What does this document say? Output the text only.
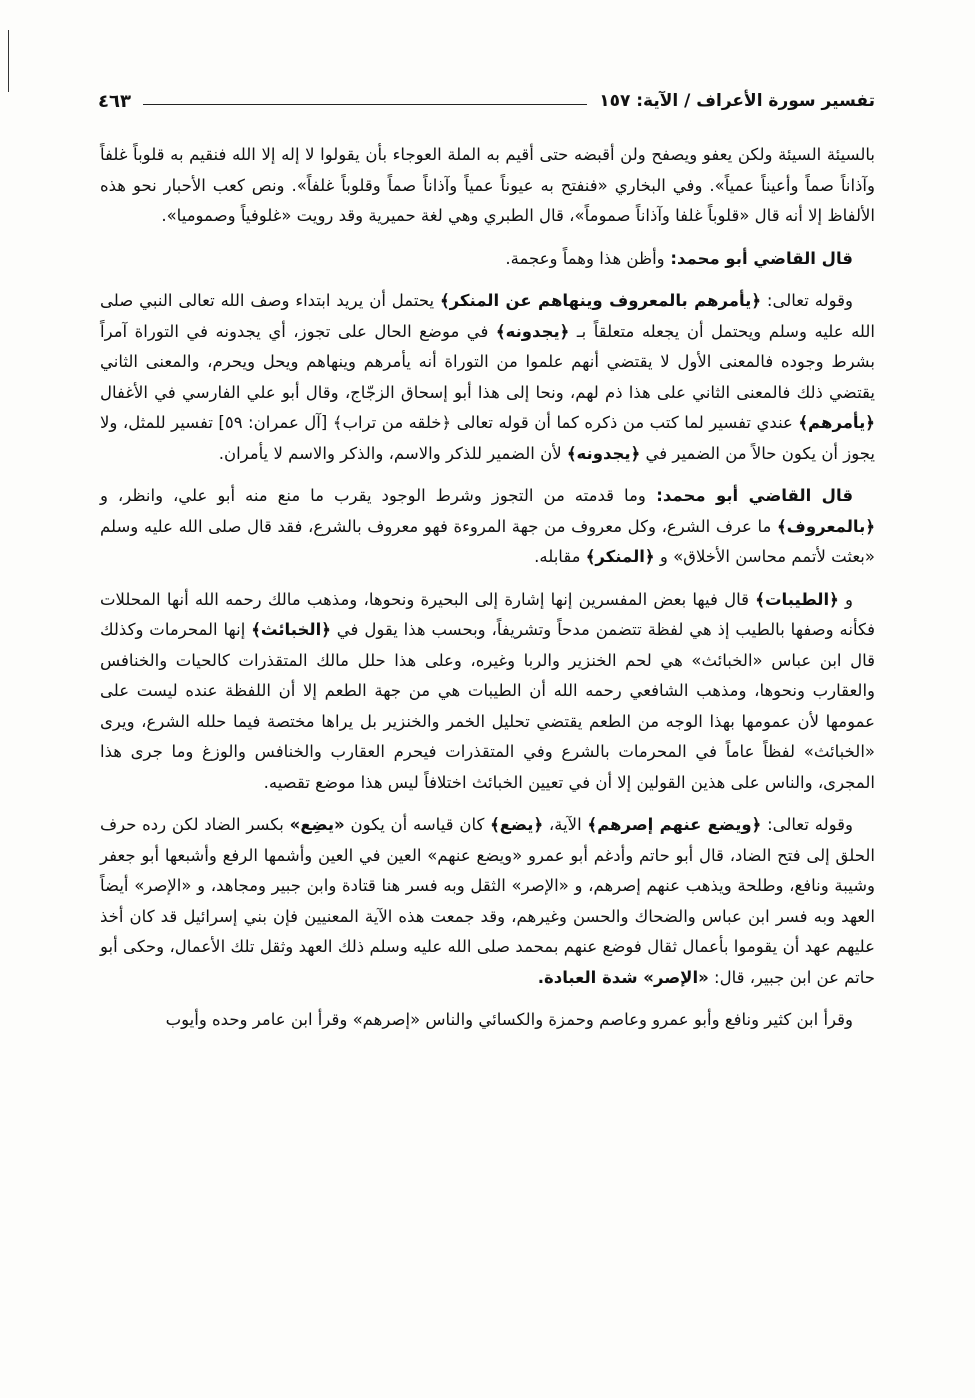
تفسير سورة الأعراف / الآية: ١٥٧
٤٦٣

بالسيئة السيئة ولكن يعفو ويصفح ولن أقبضه حتى أقيم به الملة العوجاء بأن يقولوا لا إله إلا الله فنقيم به قلوباً غلفاً وآذاناً صماً وأعيناً عمياً». وفي البخاري «فنفتح به عيوناً عمياً وآذاناً صماً وقلوباً غلفاً». ونص كعب الأحبار نحو هذه الألفاظ إلا أنه قال «قلوباً غلفا وآذاناً صموماً»، قال الطبري وهي لغة حميرية وقد رويت «غلوفياً وصموميا».

قال القاضي أبو محمد: وأظن هذا وهماً وعجمة.

وقوله تعالى: ﴿يأمرهم بالمعروف وينهاهم عن المنكر﴾ يحتمل أن يريد ابتداء وصف الله تعالى النبي صلى الله عليه وسلم ويحتمل أن يجعله متعلقاً بـ ﴿يجدونه﴾ في موضع الحال على تجوز، أي يجدونه في التوراة آمراً بشرط وجوده فالمعنى الأول لا يقتضي أنهم علموا من التوراة أنه يأمرهم وينهاهم ويحل ويحرم، والمعنى الثاني يقتضي ذلك فالمعنى الثاني على هذا ذم لهم، ونحا إلى هذا أبو إسحاق الزجّاج، وقال أبو علي الفارسي في الأغفال ﴿يأمرهم﴾ عندي تفسير لما كتب من ذكره كما أن قوله تعالى ﴿خلقه من تراب﴾ [آل عمران: ٥٩] تفسير للمثل، ولا يجوز أن يكون حالاً من الضمير في ﴿يجدونه﴾ لأن الضمير للذكر والاسم، والذكر والاسم لا يأمران.

قال القاضي أبو محمد: وما قدمته من التجوز وشرط الوجود يقرب ما منع منه أبو علي، وانظر، و ﴿بالمعروف﴾ ما عرف الشرع، وكل معروف من جهة المروءة فهو معروف بالشرع، فقد قال صلى الله عليه وسلم «بعثت لأتمم محاسن الأخلاق» و ﴿المنكر﴾ مقابله.

و ﴿الطيبات﴾ قال فيها بعض المفسرين إنها إشارة إلى البحيرة ونحوها، ومذهب مالك رحمه الله أنها المحللات فكأنه وصفها بالطيب إذ هي لفظة تتضمن مدحاً وتشريفاً، وبحسب هذا يقول في ﴿الخبائث﴾ إنها المحرمات وكذلك قال ابن عباس «الخبائث» هي لحم الخنزير والربا وغيره، وعلى هذا حلل مالك المتقذرات كالحيات والخنافس والعقارب ونحوها، ومذهب الشافعي رحمه الله أن الطيبات هي من جهة الطعم إلا أن اللفظة عنده ليست على عمومها لأن عمومها بهذا الوجه من الطعم يقتضي تحليل الخمر والخنزير بل يراها مختصة فيما حلله الشرع، ويرى «الخبائث» لفظاً عاماً في المحرمات بالشرع وفي المتقذرات فيحرم العقارب والخنافس والوزغ وما جرى هذا المجرى، والناس على هذين القولين إلا أن في تعيين الخبائث اختلافاً ليس هذا موضع تقصيه.

وقوله تعالى: ﴿ويضع عنهم إصرهم﴾ الآية، ﴿يضع﴾ كان قياسه أن يكون «يضِع» بكسر الضاد لكن رده حرف الحلق إلى فتح الضاد، قال أبو حاتم وأدغم أبو عمرو «ويضع عنهم» العين في العين وأشمها الرفع وأشبعها أبو جعفر وشيبة ونافع، وطلحة ويذهب عنهم إصرهم، و «الإصر» الثقل وبه فسر هنا قتادة وابن جبير ومجاهد، و «الإصر» أيضاً العهد وبه فسر ابن عباس والضحاك والحسن وغيرهم، وقد جمعت هذه الآية المعنيين فإن بني إسرائيل قد كان أخذ عليهم عهد أن يقوموا بأعمال ثقال فوضع عنهم بمحمد صلى الله عليه وسلم ذلك العهد وثقل تلك الأعمال، وحكى أبو حاتم عن ابن جبير، قال: «الإصر» شدة العبادة.

وقرأ ابن كثير ونافع وأبو عمرو وعاصم وحمزة والكسائي والناس «إصرهم» وقرأ ابن عامر وحده وأيوب
